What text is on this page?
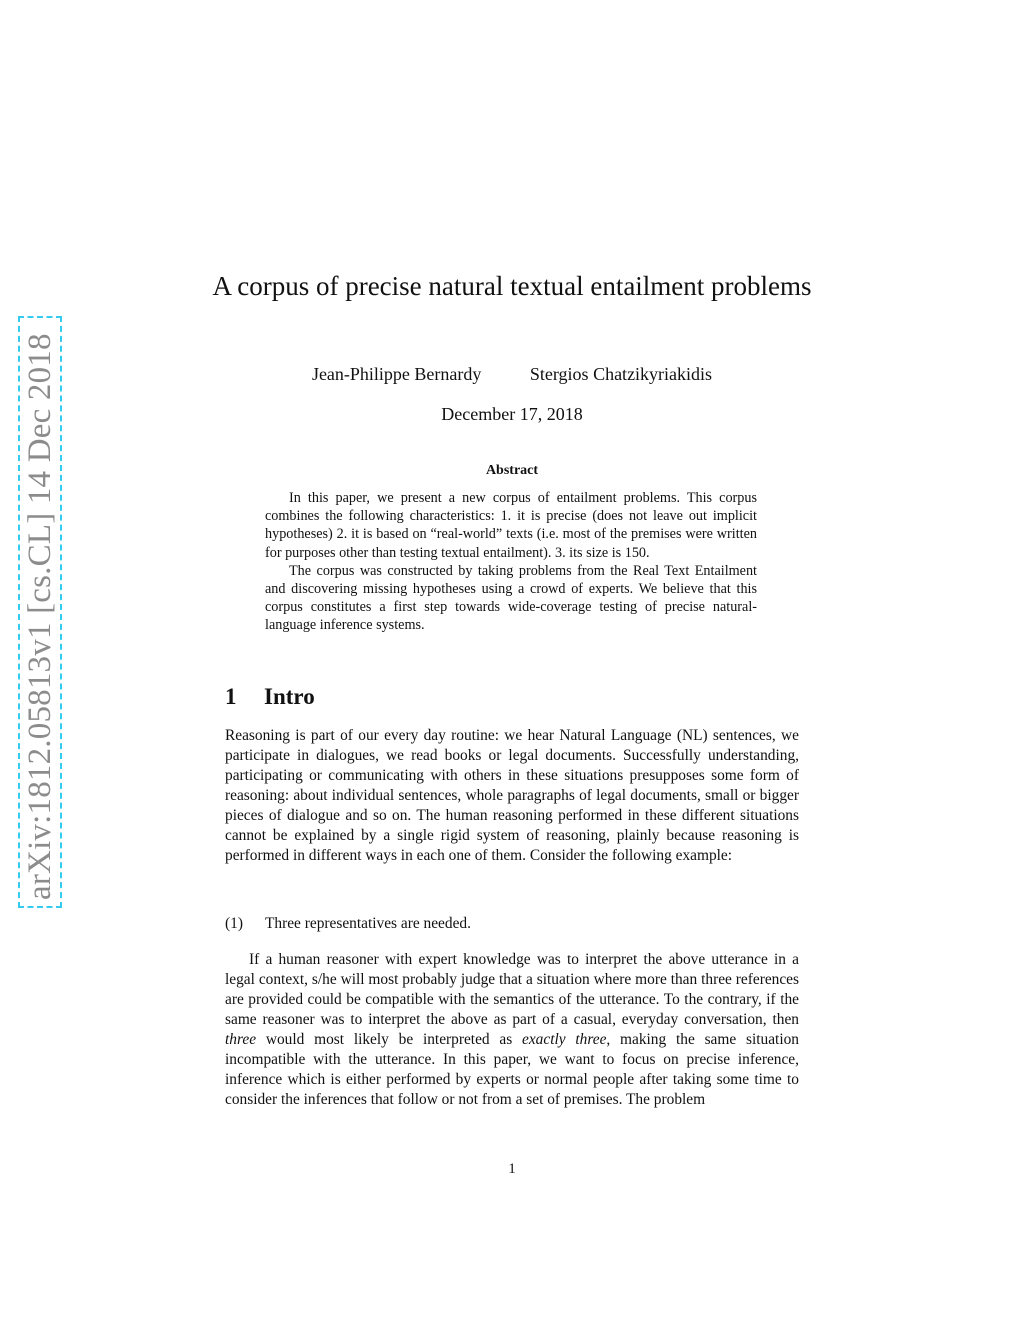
arXiv:1812.05813v1 [cs.CL] 14 Dec 2018
A corpus of precise natural textual entailment problems
Jean-Philippe Bernardy	Stergios Chatzikyriakidis
December 17, 2018
Abstract

In this paper, we present a new corpus of entailment problems. This corpus combines the following characteristics: 1. it is precise (does not leave out implicit hypotheses) 2. it is based on “real-world” texts (i.e. most of the premises were written for purposes other than testing textual entailment). 3. its size is 150.

The corpus was constructed by taking problems from the Real Text Entailment and discovering missing hypotheses using a crowd of experts. We believe that this corpus constitutes a first step towards wide-coverage testing of precise natural-language inference systems.

1 Intro

Reasoning is part of our every day routine: we hear Natural Language (NL) sentences, we participate in dialogues, we read books or legal documents. Successfully understanding, participating or communicating with others in these situations presupposes some form of reasoning: about individual sentences, whole paragraphs of legal documents, small or bigger pieces of dialogue and so on. The human reasoning performed in these different situations cannot be explained by a single rigid system of reasoning, plainly because reasoning is performed in different ways in each one of them. Consider the following example:

(1) Three representatives are needed.

If a human reasoner with expert knowledge was to interpret the above utterance in a legal context, s/he will most probably judge that a situation where more than three references are provided could be compatible with the semantics of the utterance. To the contrary, if the same reasoner was to interpret the above as part of a casual, everyday conversation, then three would most likely be interpreted as exactly three, making the same situation incompatible with the utterance. In this paper, we want to focus on precise inference, inference which is either performed by experts or normal people after taking some time to consider the inferences that follow or not from a set of premises. The problem

1
